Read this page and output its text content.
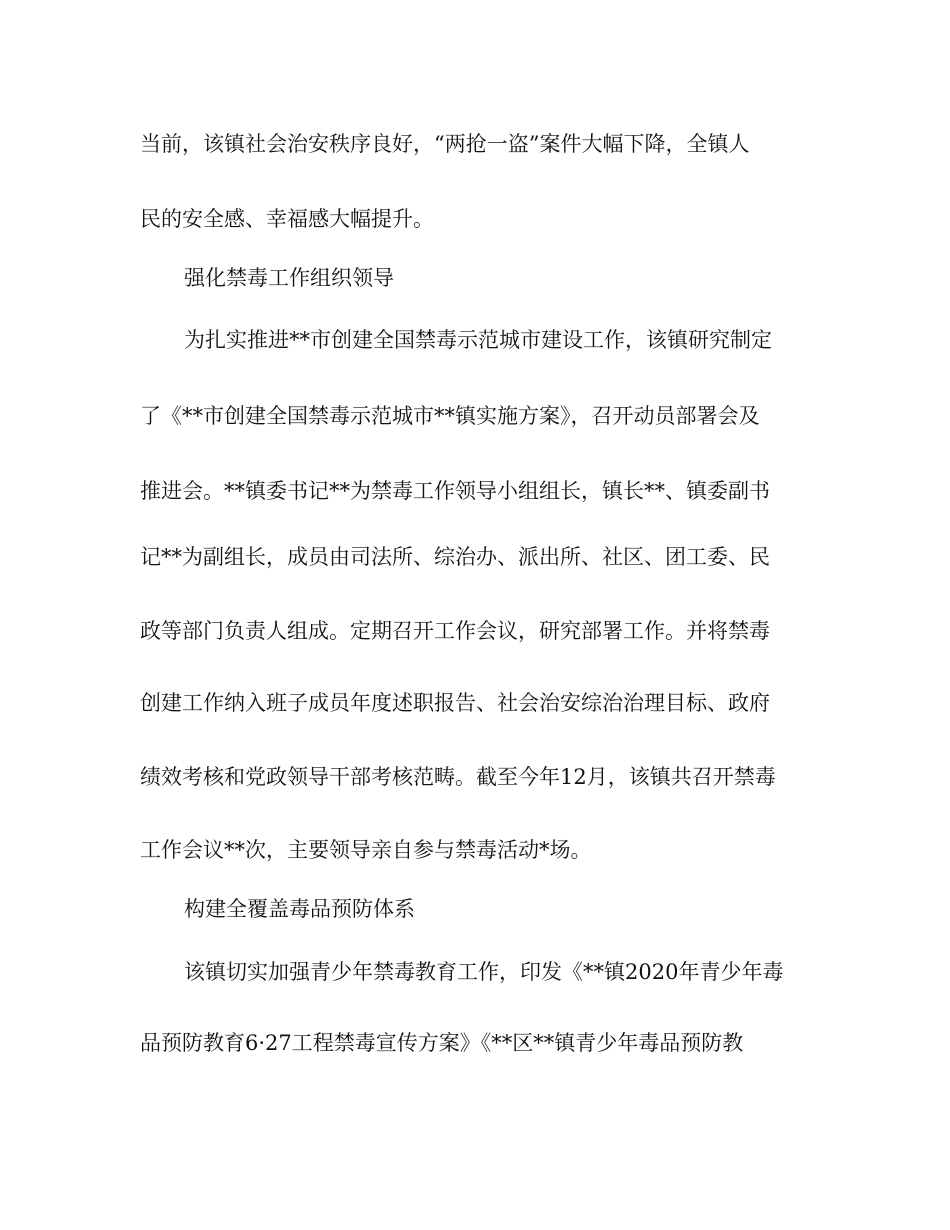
当前，该镇社会治安秩序良好，“两抢一盗”案件大幅下降，全镇人

民的安全感、幸福感大幅提升。

强化禁毒工作组织领导

为扎实推进**市创建全国禁毒示范城市建设工作，该镇研究制定

了《**市创建全国禁毒示范城市**镇实施方案》，召开动员部署会及

推进会。**镇委书记**为禁毒工作领导小组组长，镇长**、镇委副书

记**为副组长，成员由司法所、综治办、派出所、社区、团工委、民

政等部门负责人组成。定期召开工作会议，研究部署工作。并将禁毒

创建工作纳入班子成员年度述职报告、社会治安综治治理目标、政府

绩效考核和党政领导干部考核范畴。截至今年12月，该镇共召开禁毒

工作会议**次，主要领导亲自参与禁毒活动*场。

构建全覆盖毒品预防体系

该镇切实加强青少年禁毒教育工作，印发《**镇2020年青少年毒

品预防教育6·27工程禁毒宣传方案》《**区**镇青少年毒品预防教
